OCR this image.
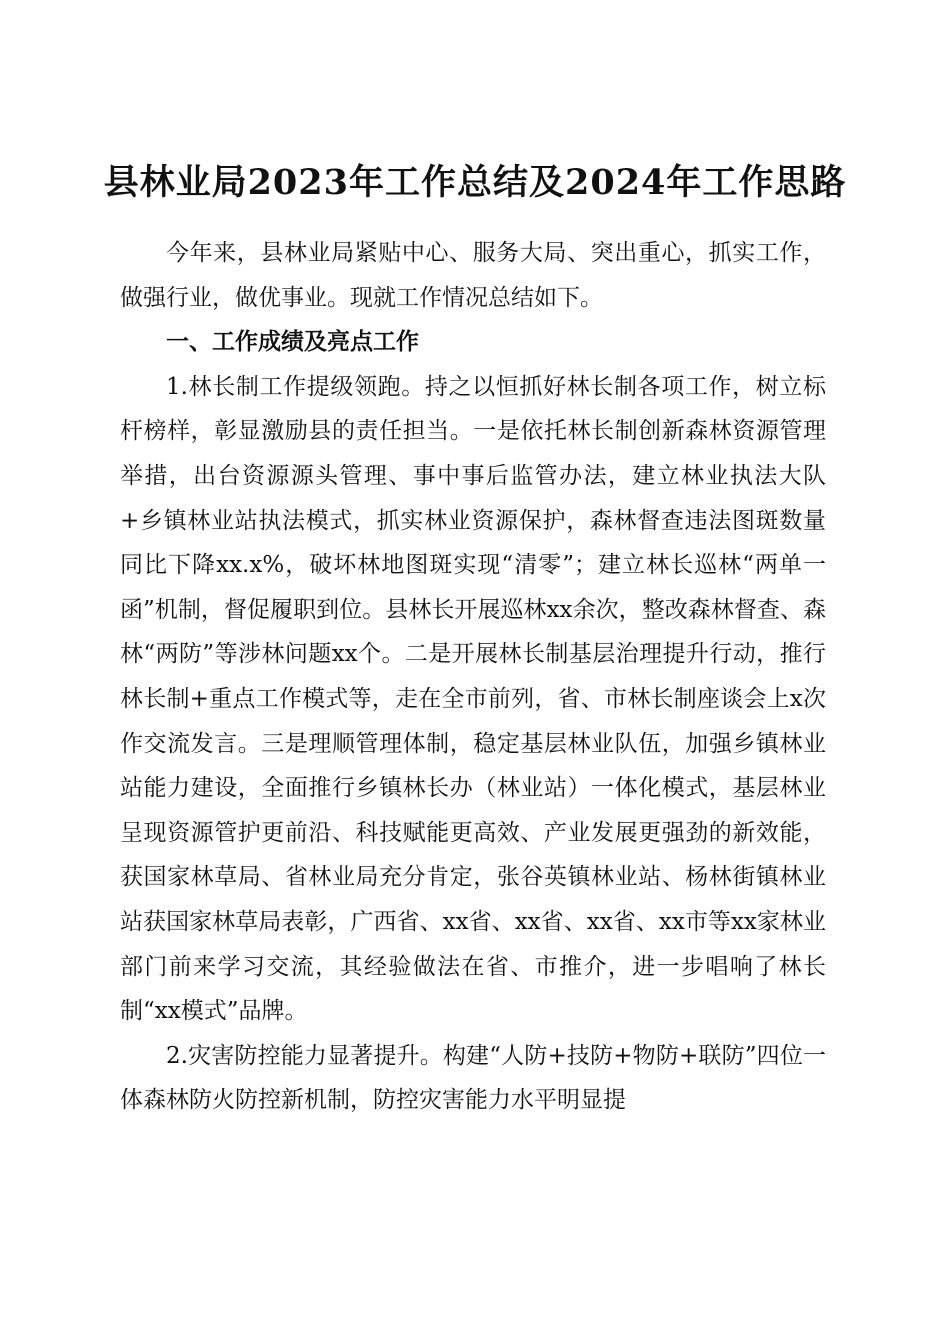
县林业局2023年工作总结及2024年工作思路

今年来，县林业局紧贴中心、服务大局、突出重心，抓实工作，做强行业，做优事业。现就工作情况总结如下。

一、工作成绩及亮点工作

1.林长制工作提级领跑。持之以恒抓好林长制各项工作，树立标杆榜样，彰显激励县的责任担当。一是依托林长制创新森林资源管理举措，出台资源源头管理、事中事后监管办法，建立林业执法大队+乡镇林业站执法模式，抓实林业资源保护，森林督查违法图斑数量同比下降xx.x%，破坏林地图斑实现“清零”；建立林长巡林“两单一函”机制，督促履职到位。县林长开展巡林xx余次，整改森林督查、森林“两防”等涉林问题xx个。二是开展林长制基层治理提升行动，推行林长制+重点工作模式等，走在全市前列，省、市林长制座谈会上x次作交流发言。三是理顺管理体制，稳定基层林业队伍，加强乡镇林业站能力建设，全面推行乡镇林长办（林业站）一体化模式，基层林业呈现资源管护更前沿、科技赋能更高效、产业发展更强劲的新效能，获国家林草局、省林业局充分肯定，张谷英镇林业站、杨林街镇林业站获国家林草局表彰，广西省、xx省、xx省、xx省、xx市等xx家林业部门前来学习交流，其经验做法在省、市推介，进一步唱响了林长制“xx模式”品牌。

2.灾害防控能力显著提升。构建“人防+技防+物防+联防”四位一体森林防火防控新机制，防控灾害能力水平明显提
